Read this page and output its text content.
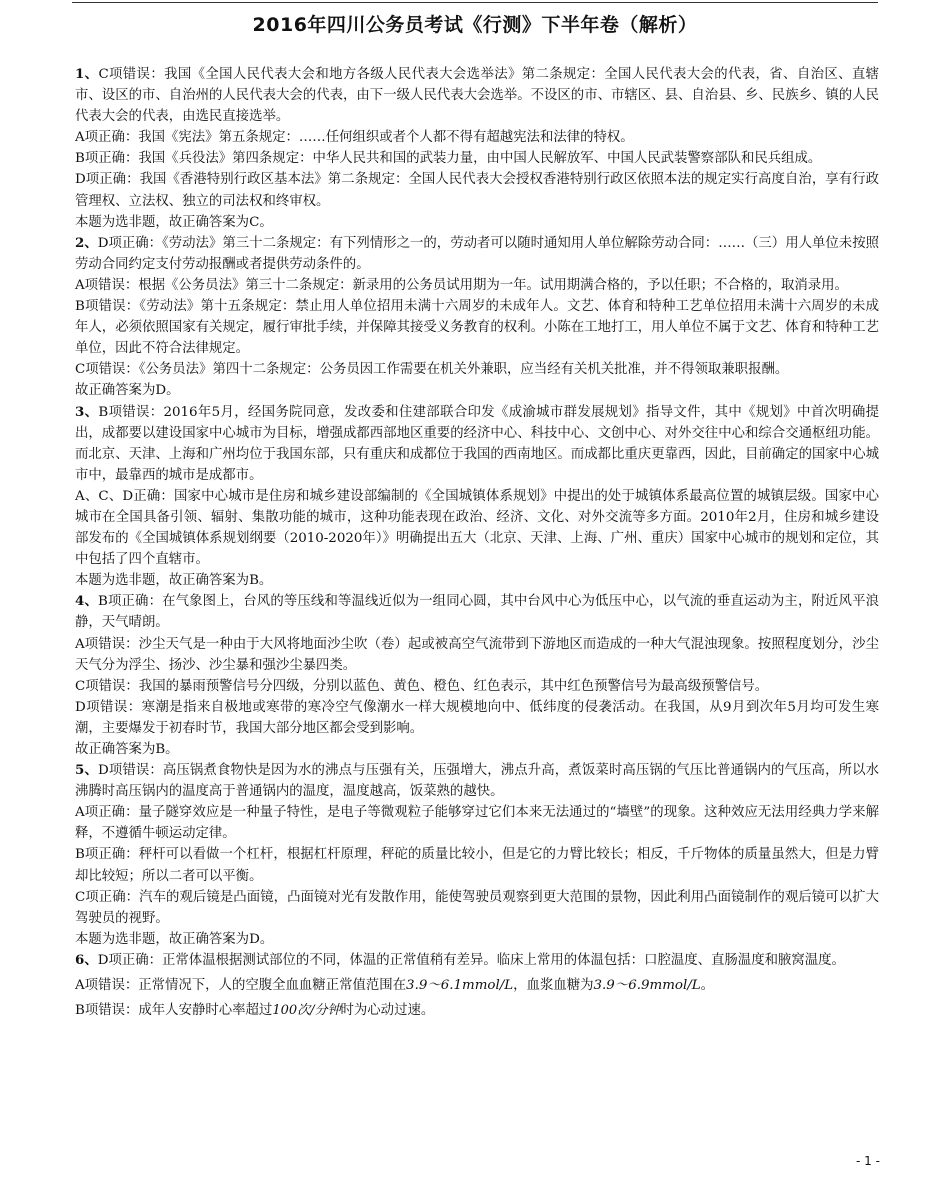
2016年四川公务员考试《行测》下半年卷（解析）

1、C项错误：我国《全国人民代表大会和地方各级人民代表大会选举法》第二条规定：全国人民代表大会的代表，省、自治区、直辖市、设区的市、自治州的人民代表大会的代表，由下一级人民代表大会选举。不设区的市、市辖区、县、自治县、乡、民族乡、镇的人民代表大会的代表，由选民直接选举。

A项正确：我国《宪法》第五条规定：……任何组织或者个人都不得有超越宪法和法律的特权。

B项正确：我国《兵役法》第四条规定：中华人民共和国的武装力量，由中国人民解放军、中国人民武装警察部队和民兵组成。

D项正确：我国《香港特别行政区基本法》第二条规定：全国人民代表大会授权香港特别行政区依照本法的规定实行高度自治，享有行政管理权、立法权、独立的司法权和终审权。

本题为选非题，故正确答案为C。

2、D项正确：《劳动法》第三十二条规定：有下列情形之一的，劳动者可以随时通知用人单位解除劳动合同：……（三）用人单位未按照劳动合同约定支付劳动报酬或者提供劳动条件的。

A项错误：根据《公务员法》第三十二条规定：新录用的公务员试用期为一年。试用期满合格的，予以任职；不合格的，取消录用。

B项错误：《劳动法》第十五条规定：禁止用人单位招用未满十六周岁的未成年人。文艺、体育和特种工艺单位招用未满十六周岁的未成年人，必须依照国家有关规定，履行审批手续，并保障其接受义务教育的权利。小陈在工地打工，用人单位不属于文艺、体育和特种工艺单位，因此不符合法律规定。

C项错误：《公务员法》第四十二条规定：公务员因工作需要在机关外兼职，应当经有关机关批准，并不得领取兼职报酬。

故正确答案为D。

3、B项错误：2016年5月，经国务院同意，发改委和住建部联合印发《成渝城市群发展规划》指导文件，其中《规划》中首次明确提出，成都要以建设国家中心城市为目标，增强成都西部地区重要的经济中心、科技中心、文创中心、对外交往中心和综合交通枢纽功能。而北京、天津、上海和广州均位于我国东部，只有重庆和成都位于我国的西南地区。而成都比重庆更靠西，因此，目前确定的国家中心城市中，最靠西的城市是成都市。

A、C、D正确：国家中心城市是住房和城乡建设部编制的《全国城镇体系规划》中提出的处于城镇体系最高位置的城镇层级。国家中心城市在全国具备引领、辐射、集散功能的城市，这种功能表现在政治、经济、文化、对外交流等多方面。2010年2月，住房和城乡建设部发布的《全国城镇体系规划纲要（2010-2020年）》明确提出五大（北京、天津、上海、广州、重庆）国家中心城市的规划和定位，其中包括了四个直辖市。

本题为选非题，故正确答案为B。

4、B项正确：在气象图上，台风的等压线和等温线近似为一组同心圆，其中台风中心为低压中心，以气流的垂直运动为主，附近风平浪静，天气晴朗。

A项错误：沙尘天气是一种由于大风将地面沙尘吹（卷）起或被高空气流带到下游地区而造成的一种大气混浊现象。按照程度划分，沙尘天气分为浮尘、扬沙、沙尘暴和强沙尘暴四类。

C项错误：我国的暴雨预警信号分四级，分别以蓝色、黄色、橙色、红色表示，其中红色预警信号为最高级预警信号。

D项错误：寒潮是指来自极地或寒带的寒冷空气像潮水一样大规模地向中、低纬度的侵袭活动。在我国，从9月到次年5月均可发生寒潮，主要爆发于初春时节，我国大部分地区都会受到影响。

故正确答案为B。

5、D项错误：高压锅煮食物快是因为水的沸点与压强有关，压强增大，沸点升高，煮饭菜时高压锅的气压比普通锅内的气压高，所以水沸腾时高压锅内的温度高于普通锅内的温度，温度越高，饭菜熟的越快。

A项正确：量子隧穿效应是一种量子特性，是电子等微观粒子能够穿过它们本来无法通过的“墙壁”的现象。这种效应无法用经典力学来解释，不遵循牛顿运动定律。

B项正确：秤杆可以看做一个杠杆，根据杠杆原理，秤砣的质量比较小，但是它的力臂比较长；相反，千斤物体的质量虽然大，但是力臂却比较短；所以二者可以平衡。

C项正确：汽车的观后镜是凸面镜，凸面镜对光有发散作用，能使驾驶员观察到更大范围的景物，因此利用凸面镜制作的观后镜可以扩大驾驶员的视野。

本题为选非题，故正确答案为D。

6、D项正确：正常体温根据测试部位的不同，体温的正常值稍有差异。临床上常用的体温包括：口腔温度、直肠温度和腋窝温度。

A项错误：正常情况下，人的空腹全血血糖正常值范围在3.9～6.1mmol/L，血浆血糖为3.9～6.9mmol/L。

B项错误：成年人安静时心率超过100次/分钟时为心动过速。

- 1 -
